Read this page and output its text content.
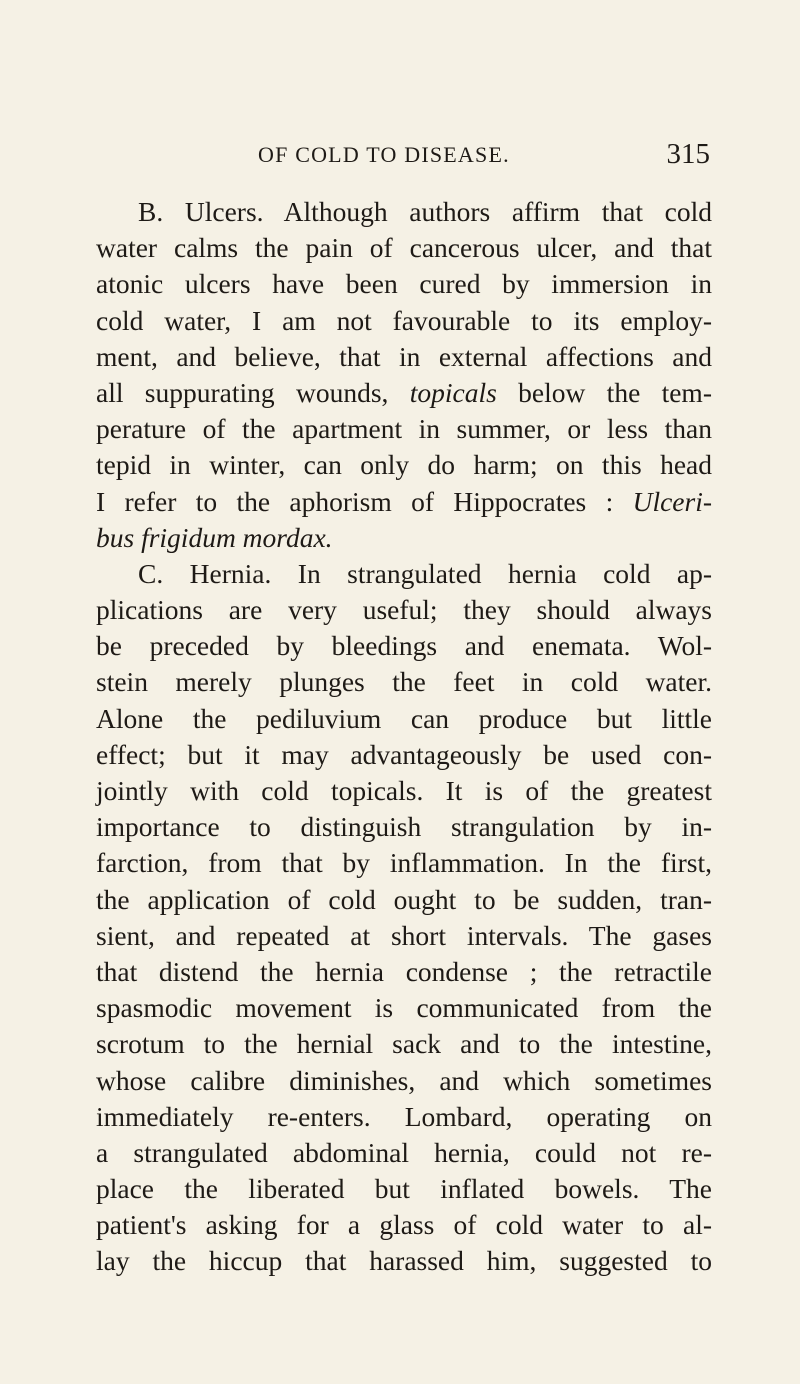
OF COLD TO DISEASE.	315
B. Ulcers. Although authors affirm that cold
water calms the pain of cancerous ulcer, and that
atonic ulcers have been cured by immersion in
cold water, I am not favourable to its employ-
ment, and believe, that in external affections and
all suppurating wounds, topicals below the tem-
perature of the apartment in summer, or less than
tepid in winter, can only do harm; on this head
I refer to the aphorism of Hippocrates : Ulceri-
bus frigidum mordax.
C. Hernia. In strangulated hernia cold ap-
plications are very useful; they should always
be preceded by bleedings and enemata. Wol-
stein merely plunges the feet in cold water.
Alone the pediluvium can produce but little
effect; but it may advantageously be used con-
jointly with cold topicals. It is of the greatest
importance to distinguish strangulation by in-
farction, from that by inflammation. In the first,
the application of cold ought to be sudden, tran-
sient, and repeated at short intervals. The gases
that distend the hernia condense ; the retractile
spasmodic movement is communicated from the
scrotum to the hernial sack and to the intestine,
whose calibre diminishes, and which sometimes
immediately re-enters. Lombard, operating on
a strangulated abdominal hernia, could not re-
place the liberated but inflated bowels. The
patient's asking for a glass of cold water to al-
lay the hiccup that harassed him, suggested to
